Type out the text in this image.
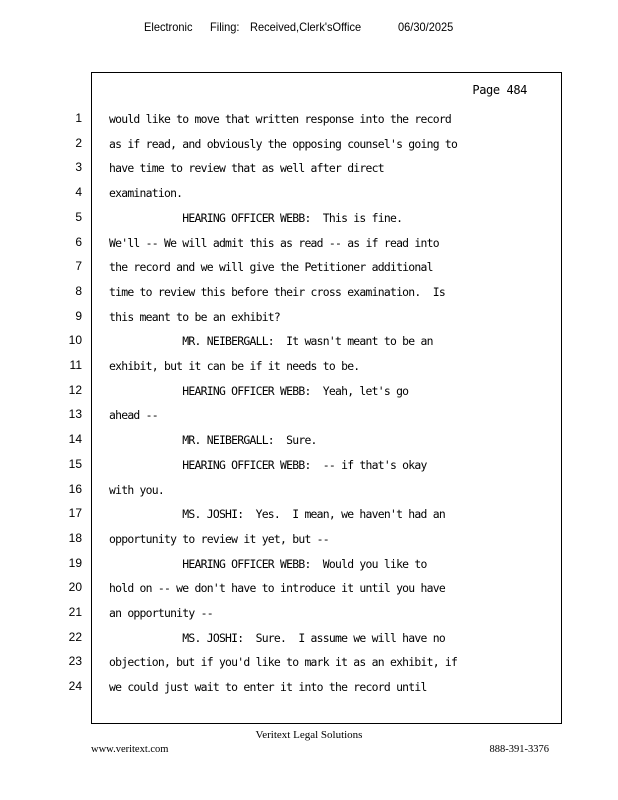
Electronic Filing: Received,Clerk'sOffice	06/30/2025
Page 484
1
2
3
4
5
6
7
8
9
10
11
12
13
14
15
16
17
18
19
20
21
22
23
24
would like to move that written response into the record
as if read, and obviously the opposing counsel's going to
have time to review that as well after direct
examination.
HEARING OFFICER WEBB:  This is fine.
We'll -- We will admit this as read -- as if read into
the record and we will give the Petitioner additional
time to review this before their cross examination.  Is
this meant to be an exhibit?
MR. NEIBERGALL:  It wasn't meant to be an
exhibit, but it can be if it needs to be.
HEARING OFFICER WEBB:  Yeah, let's go
ahead --
MR. NEIBERGALL:  Sure.
HEARING OFFICER WEBB:  -- if that's okay
with you.
MS. JOSHI:  Yes.  I mean, we haven't had an
opportunity to review it yet, but --
HEARING OFFICER WEBB:  Would you like to
hold on -- we don't have to introduce it until you have
an opportunity --
MS. JOSHI:  Sure.  I assume we will have no
objection, but if you'd like to mark it as an exhibit, if
we could just wait to enter it into the record until
Veritext Legal Solutions
www.veritext.com	888-391-3376
